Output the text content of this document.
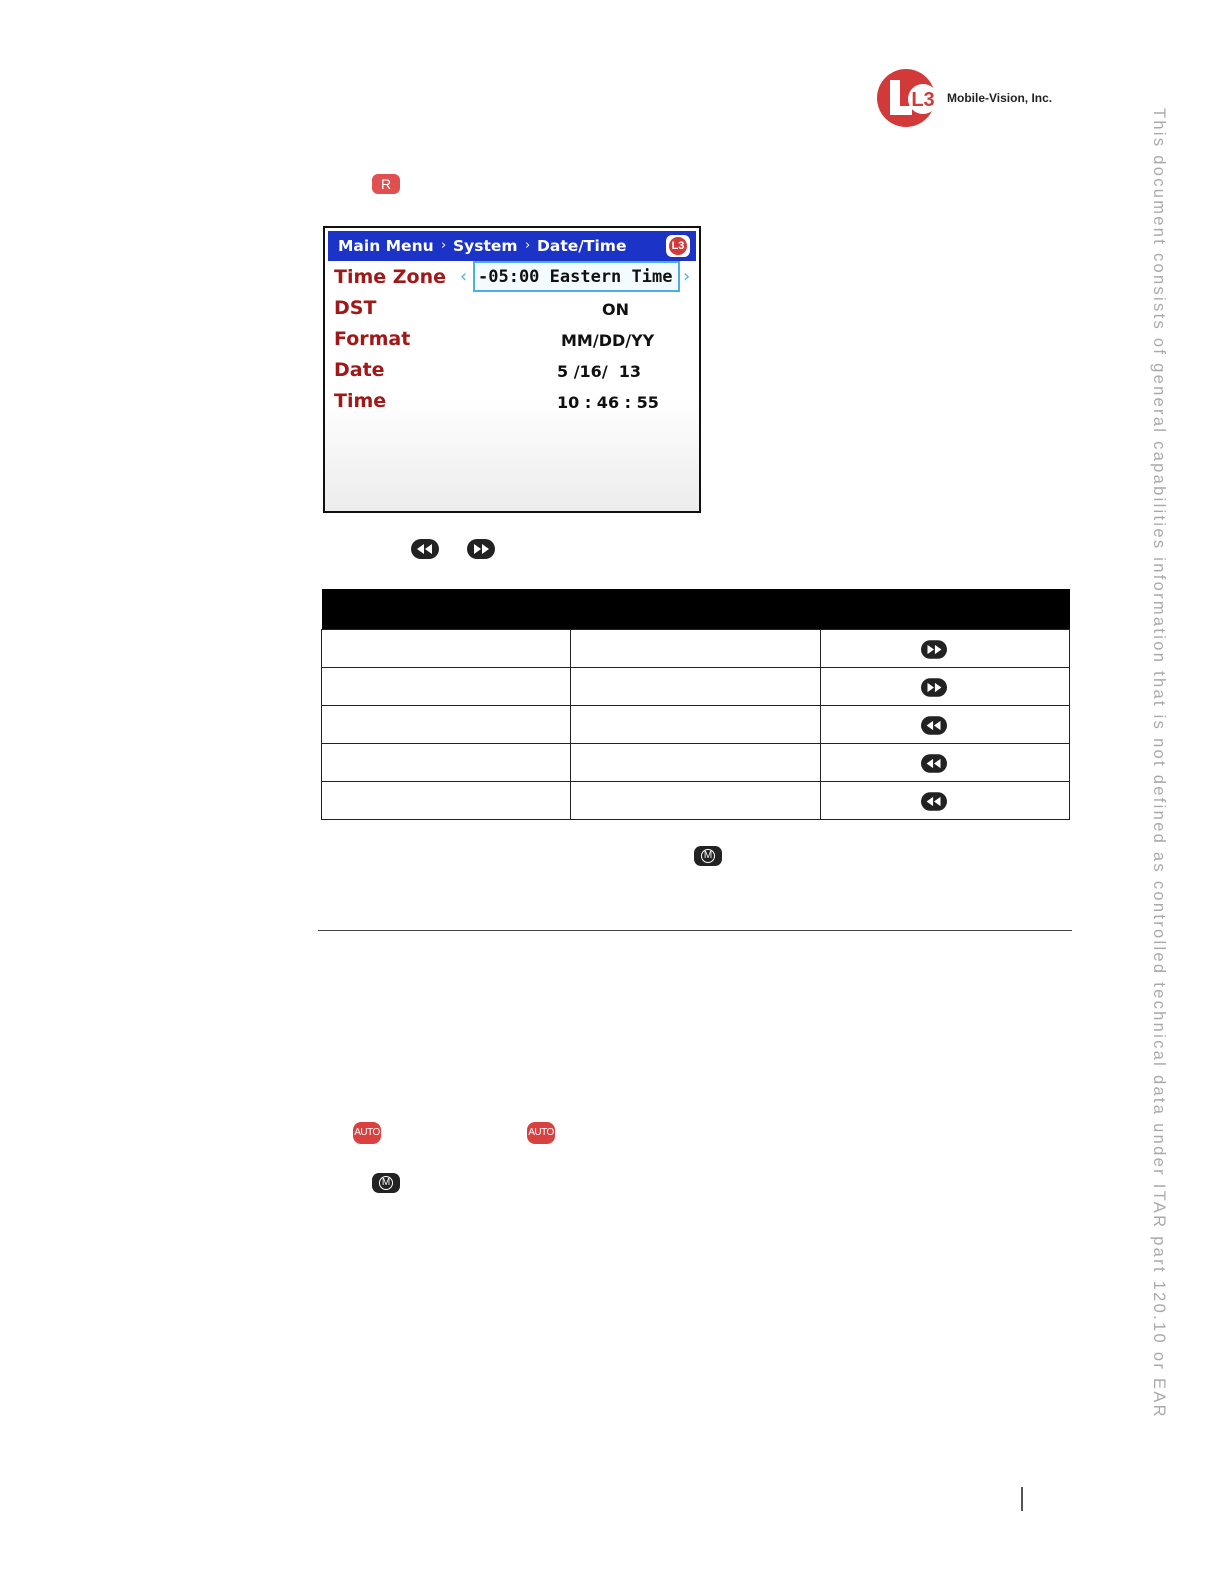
L3 Mobile-Vision, Inc.
This document consists of general capabilities information that is not defined as controlled technical data under ITAR part 120.10 or EAR
R
Main Menu › System › Date/Time	L3
Time Zone ‹ -05:00 Eastern Time ›
DST	ON
Format	MM/DD/YY
Date	5 /16/  13
Time	10 : 46 : 55

M
AUTO	AUTO
M
